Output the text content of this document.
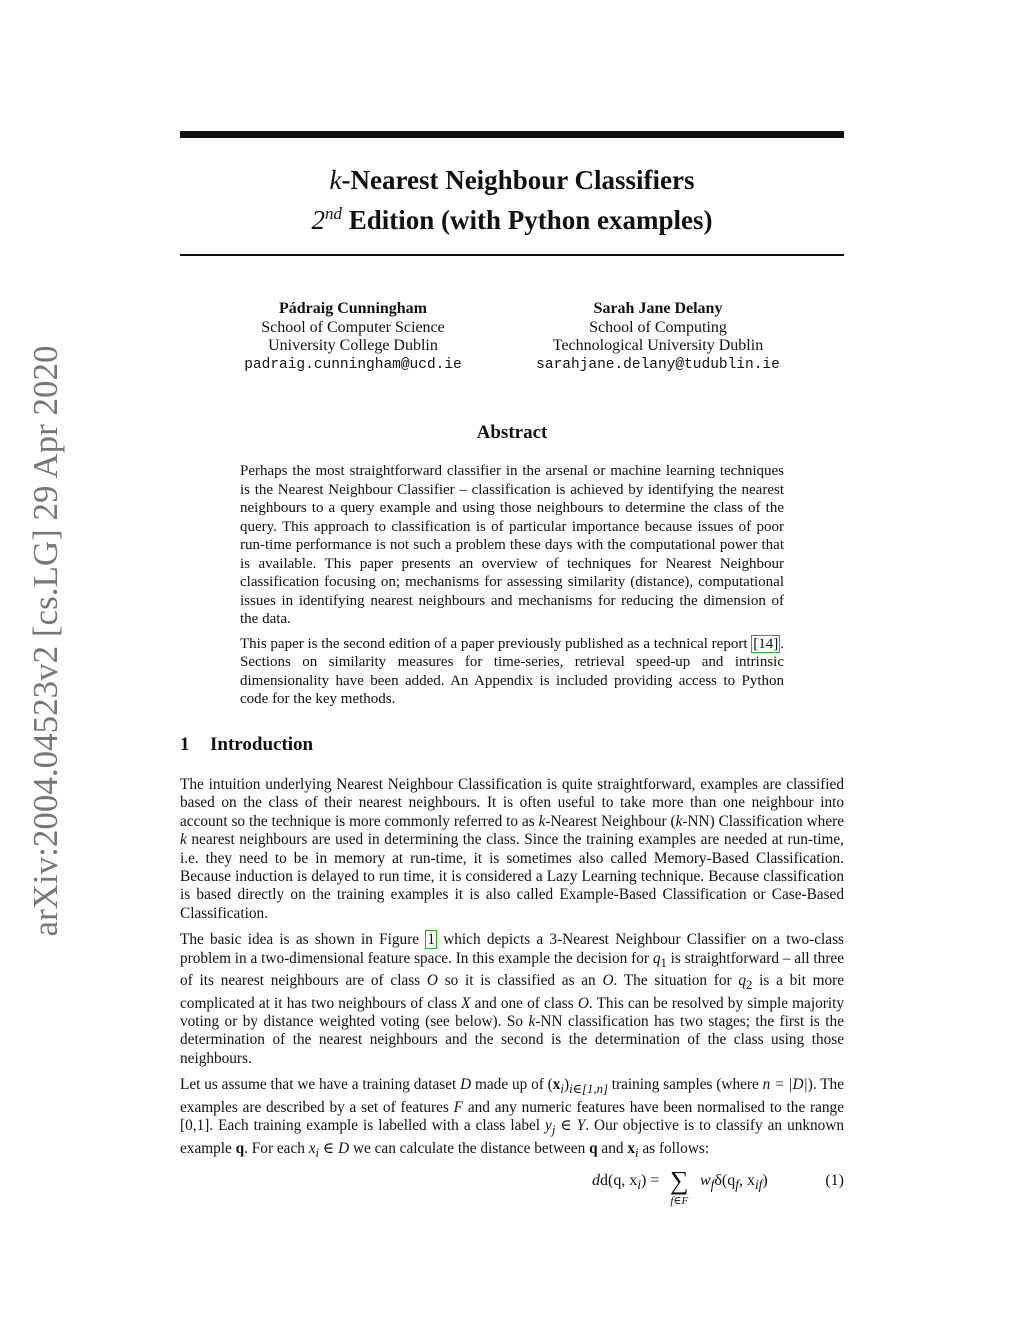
arXiv:2004.04523v2 [cs.LG] 29 Apr 2020
k-Nearest Neighbour Classifiers
2nd Edition (with Python examples)
Pádraig Cunningham
School of Computer Science
University College Dublin
padraig.cunningham@ucd.ie
Sarah Jane Delany
School of Computing
Technological University Dublin
sarahjane.delany@tudublin.ie
Abstract

Perhaps the most straightforward classifier in the arsenal or machine learning techniques is the Nearest Neighbour Classifier – classification is achieved by identifying the nearest neighbours to a query example and using those neighbours to determine the class of the query. This approach to classification is of particular importance because issues of poor run-time performance is not such a problem these days with the computational power that is available. This paper presents an overview of techniques for Nearest Neighbour classification focusing on; mechanisms for assessing similarity (distance), computational issues in identifying nearest neighbours and mechanisms for reducing the dimension of the data.

This paper is the second edition of a paper previously published as a technical report [14] . Sections on similarity measures for time-series, retrieval speed-up and intrinsic dimensionality have been added. An Appendix is included providing access to Python code for the key methods.

1 Introduction

The intuition underlying Nearest Neighbour Classification is quite straightforward, examples are classified based on the class of their nearest neighbours. It is often useful to take more than one neighbour into account so the technique is more commonly referred to as k-Nearest Neighbour (k-NN) Classification where k nearest neighbours are used in determining the class. Since the training examples are needed at run-time, i.e. they need to be in memory at run-time, it is sometimes also called Memory-Based Classification. Because induction is delayed to run time, it is considered a Lazy Learning technique. Because classification is based directly on the training examples it is also called Example-Based Classification or Case-Based Classification.

The basic idea is as shown in Figure 1 which depicts a 3-Nearest Neighbour Classifier on a two-class problem in a two-dimensional feature space. In this example the decision for $q_1$ is straightforward – all three of its nearest neighbours are of class O so it is classified as an O. The situation for $q_2$ is a bit more complicated at it has two neighbours of class X and one of class O. This can be resolved by simple majority voting or by distance weighted voting (see below). So k-NN classification has two stages; the first is the determination of the nearest neighbours and the second is the determination of the class using those neighbours.

Let us assume that we have a training dataset D made up of $(x_i)_{i\in[1,n]}$ training samples (where n = |D|). The examples are described by a set of features F and any numeric features have been normalised to the range [0,1]. Each training example is labelled with a class label $y_j$ ∈ Y. Our objective is to classify an unknown example q. For each $x_i$ ∈ D we can calculate the distance between q and $x_i$ as follows:

dd(q, $x_i$) = ∑
f∈F
$w_f\delta(q_f$, $x_{if}$)	(1)
